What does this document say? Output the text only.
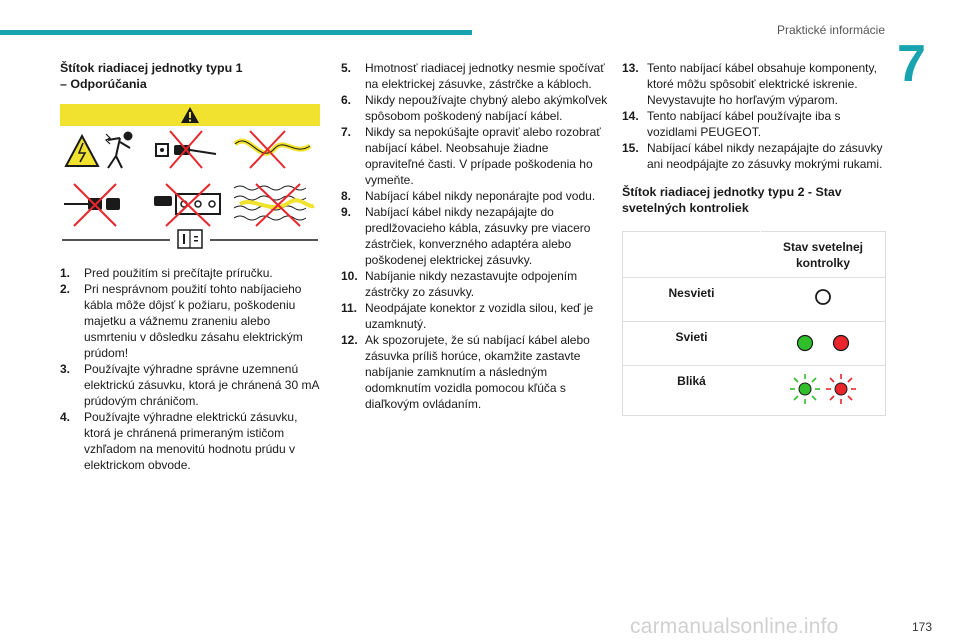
Praktické informácie
7
Štítok riadiacej jednotky typu 1
– Odporúčania
1. Pred použitím si prečítajte príručku.
2. Pri nesprávnom použití tohto nabíjacieho kábla môže dôjsť k požiaru, poškodeniu majetku a vážnemu zraneniu alebo usmrteniu v dôsledku zásahu elektrickým prúdom!
3. Používajte výhradne správne uzemnenú elektrickú zásuvku, ktorá je chránená 30 mA prúdovým chráničom.
4. Používajte výhradne elektrickú zásuvku, ktorá je chránená primeraným ističom vzhľadom na menovitú hodnotu prúdu v elektrickom obvode.
5. Hmotnosť riadiacej jednotky nesmie spočívať na elektrickej zásuvke, zástrčke a kábloch.
6. Nikdy nepoužívajte chybný alebo akýmkoľvek spôsobom poškodený nabíjací kábel.
7. Nikdy sa nepokúšajte opraviť alebo rozobrať nabíjací kábel. Neobsahuje žiadne opraviteľné časti. V prípade poškodenia ho vymeňte.
8. Nabíjací kábel nikdy neponárajte pod vodu.
9. Nabíjací kábel nikdy nezapájajte do predlžovacieho kábla, zásuvky pre viacero zástrčiek, konverzného adaptéra alebo poškodenej elektrickej zásuvky.
10. Nabíjanie nikdy nezastavujte odpojením zástrčky zo zásuvky.
11. Neodpájate konektor z vozidla silou, keď je uzamknutý.
12. Ak spozorujete, že sú nabíjací kábel alebo zásuvka príliš horúce, okamžite zastavte nabíjanie zamknutím a následným odomknutím vozidla pomocou kľúča s diaľkovým ovládaním.
13. Tento nabíjací kábel obsahuje komponenty, ktoré môžu spôsobiť elektrické iskrenie. Nevystavujte ho horľavým výparom.
14. Tento nabíjací kábel používajte iba s vozidlami PEUGEOT.
15. Nabíjací kábel nikdy nezapájajte do zásuvky ani neodpájajte zo zásuvky mokrými rukami.
Štítok riadiacej jednotky typu 2 - Stav
svetelných kontroliek

	Stav svetelnej
kontrolky

Nesvieti	
Svieti	
Bliká	
carmanualsonline.info	173
